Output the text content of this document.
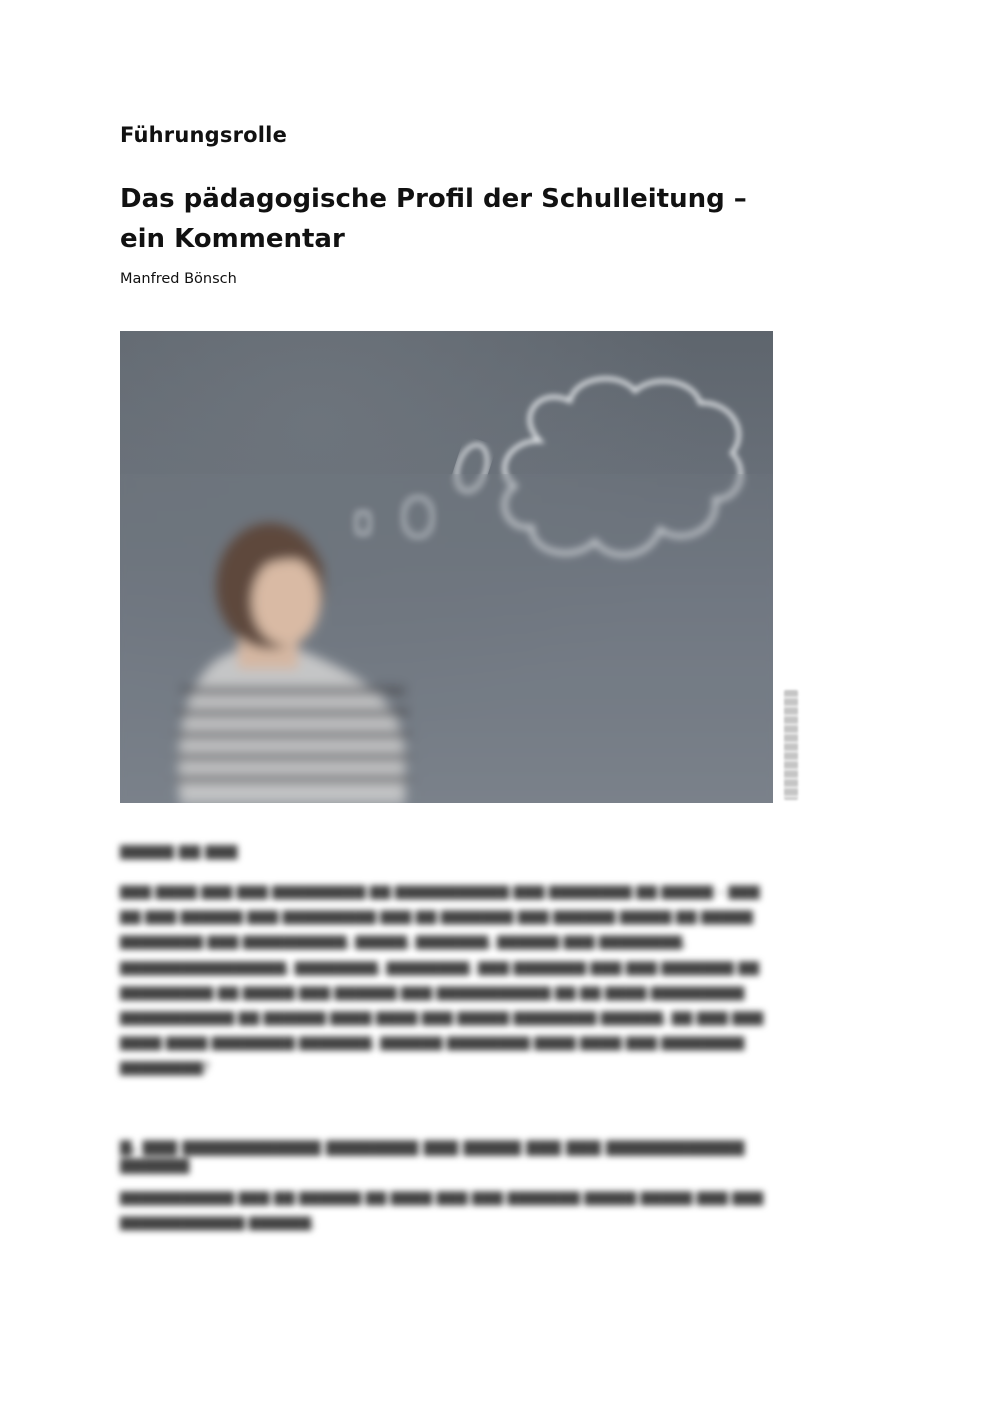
Führungsrolle
Das pädagogische Profil der Schulleitung – ein Kommentar
Manfred Bönsch
▇▇▇▇▇ ▇▇ ▇▇▇
▇▇▇ ▇▇▇▇ ▇▇▇ ▇▇▇ ▇▇▇▇▇▇▇▇▇ ▇▇ ▇▇▇▇▇▇▇▇▇▇▇ ▇▇▇ ▇▇▇▇▇▇▇▇ ▇▇ ▇▇▇▇▇ – ▇▇▇ ▇▇ ▇▇▇ ▇▇▇▇▇▇ ▇▇▇ ▇▇▇▇▇▇▇▇▇ ▇▇▇ ▇▇ ▇▇▇▇▇▇▇ ▇▇▇ ▇▇▇▇▇▇ ▇▇▇▇▇ ▇▇ ▇▇▇▇▇ ▇▇▇▇▇▇▇▇ ▇▇▇ ▇▇▇▇▇▇▇▇▇▇, ▇▇▇▇▇, ▇▇▇▇▇▇▇, ▇▇▇▇▇▇ ▇▇▇ ▇▇▇▇▇▇▇▇, ▇▇▇▇▇▇▇▇▇▇▇▇▇▇▇▇, ▇▇▇▇▇▇▇▇, ▇▇▇▇▇▇▇▇. ▇▇▇ ▇▇▇▇▇▇▇ ▇▇▇ ▇▇▇ ▇▇▇▇▇▇▇ ▇▇ ▇▇▇▇▇▇▇▇▇ ▇▇ ▇▇▇▇▇ ▇▇▇ ▇▇▇▇▇▇ ▇▇▇ ▇▇▇▇▇▇▇▇▇▇▇ ▇▇ ▇▇ ▇▇▇▇ ▇▇▇▇▇▇▇▇▇ ▇▇▇▇▇▇▇▇▇▇▇ ▇▇ ▇▇▇▇▇▇ ▇▇▇▇ ▇▇▇▇ ▇▇▇ ▇▇▇▇▇ ▇▇▇▇▇▇▇▇ ▇▇▇▇▇▇, ▇▇ ▇▇▇ ▇▇▇ ▇▇▇▇ ▇▇▇▇ ▇▇▇▇▇▇▇▇ ▇▇▇▇▇▇▇. ▇▇▇▇▇▇ ▇▇▇▇▇▇▇▇ ▇▇▇▇ ▇▇▇▇ ▇▇▇ ▇▇▇▇▇▇▇▇ ▇▇▇▇▇▇▇▇?
▇. ▇▇▇ ▇▇▇▇▇▇▇▇▇▇▇▇ ▇▇▇▇▇▇▇▇ ▇▇▇ ▇▇▇▇▇ ▇▇▇ ▇▇▇ ▇▇▇▇▇▇▇▇▇▇▇▇ ▇▇▇▇▇▇
▇▇▇▇▇▇▇▇▇▇▇ ▇▇▇ ▇▇ ▇▇▇▇▇▇ ▇▇ ▇▇▇▇ ▇▇▇ ▇▇▇ ▇▇▇▇▇▇▇ ▇▇▇▇▇ ▇▇▇▇▇ ▇▇▇ ▇▇▇ ▇▇▇▇▇▇▇▇▇▇▇▇ ▇▇▇▇▇▇.
